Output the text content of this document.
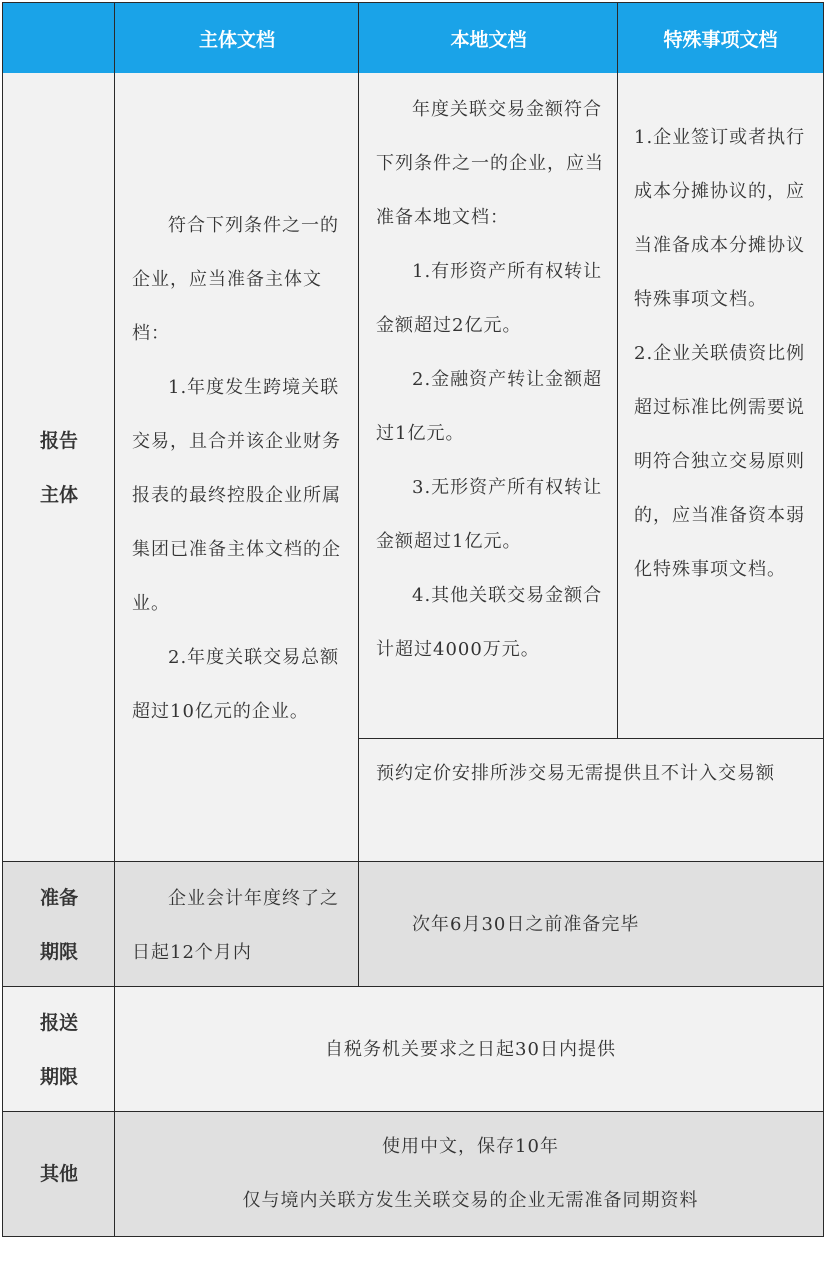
主体文档	本地文档	特殊事项文档
报告
主体

符合下列条件之一的企业，应当准备主体文档：

1.年度发生跨境关联交易，且合并该企业财务报表的最终控股企业所属集团已准备主体文档的企业。

2.年度关联交易总额超过10亿元的企业。

年度关联交易金额符合下列条件之一的企业，应当准备本地文档：

1.有形资产所有权转让金额超过2亿元。

2.金融资产转让金额超过1亿元。

3.无形资产所有权转让金额超过1亿元。

4.其他关联交易金额合计超过4000万元。

1.企业签订或者执行成本分摊协议的，应当准备成本分摊协议特殊事项文档。

2.企业关联债资比例超过标准比例需要说明符合独立交易原则的，应当准备资本弱化特殊事项文档。

预约定价安排所涉交易无需提供且不计入交易额

准备
期限

企业会计年度终了之日起12个月内

次年6月30日之前准备完毕

报送
期限
自税务机关要求之日起30日内提供
其他
使用中文，保存10年
仅与境内关联方发生关联交易的企业无需准备同期资料
